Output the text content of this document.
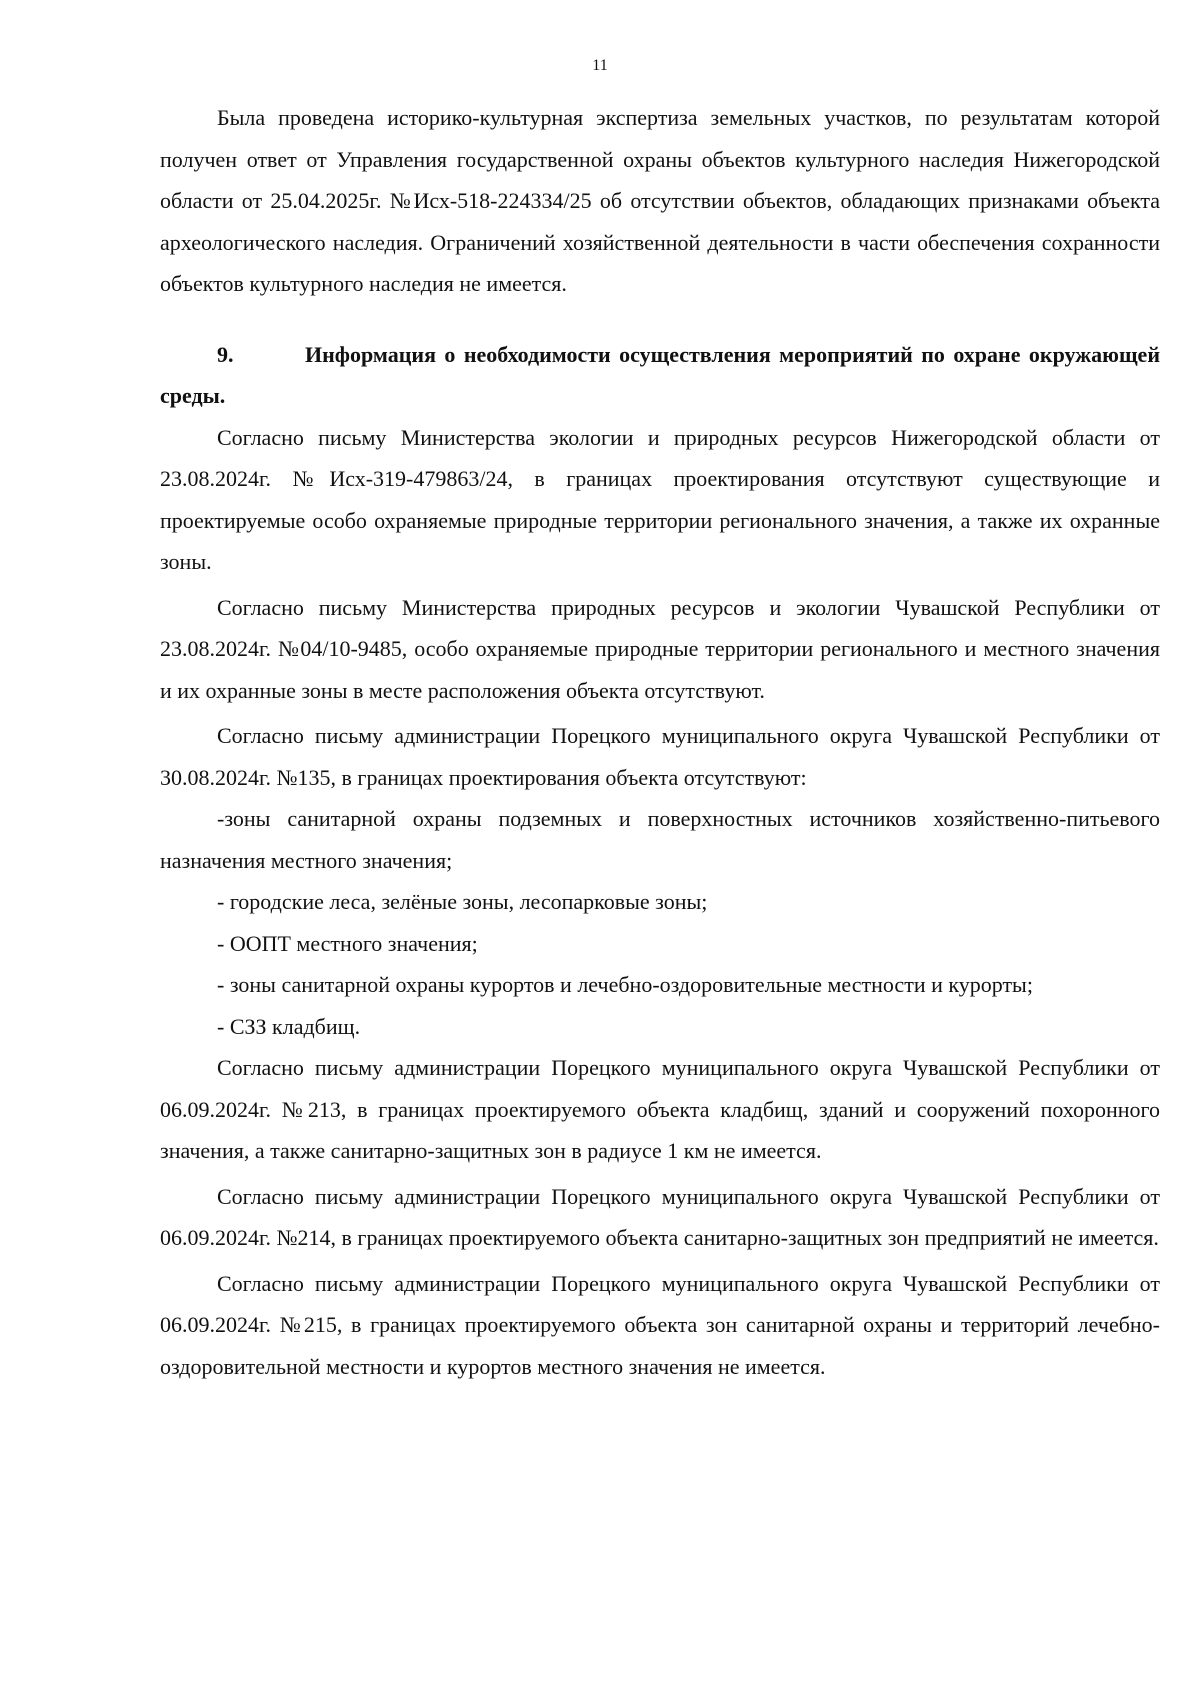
11

Была проведена историко-культурная экспертиза земельных участков, по результатам которой получен ответ от Управления государственной охраны объектов культурного наследия Нижегородской области от 25.04.2025г. №Исх-518-224334/25 об отсутствии объектов, обладающих признаками объекта археологического наследия. Ограничений хозяйственной деятельности в части обеспечения сохранности объектов культурного наследия не имеется.

9.	Информация о необходимости осуществления мероприятий по охране окружающей среды.

Согласно письму Министерства экологии и природных ресурсов Нижегородской области от 23.08.2024г. №Исх-319-479863/24, в границах проектирования отсутствуют существующие и проектируемые особо охраняемые природные территории регионального значения, а также их охранные зоны.

Согласно письму Министерства природных ресурсов и экологии Чувашской Республики от 23.08.2024г. №04/10-9485, особо охраняемые природные территории регионального и местного значения и их охранные зоны в месте расположения объекта отсутствуют.

Согласно письму администрации Порецкого муниципального округа Чувашской Республики от 30.08.2024г. №135, в границах проектирования объекта отсутствуют:

-зоны санитарной охраны подземных и поверхностных источников хозяйственно-питьевого назначения местного значения;

- городские леса, зелёные зоны, лесопарковые зоны;

- ООПТ местного значения;

- зоны санитарной охраны курортов и лечебно-оздоровительные местности и курорты;

- СЗЗ кладбищ.

Согласно письму администрации Порецкого муниципального округа Чувашской Республики от 06.09.2024г. №213, в границах проектируемого объекта кладбищ, зданий и сооружений похоронного значения, а также санитарно-защитных зон в радиусе 1 км не имеется.

Согласно письму администрации Порецкого муниципального округа Чувашской Республики от 06.09.2024г. №214, в границах проектируемого объекта санитарно-защитных зон предприятий не имеется.

Согласно письму администрации Порецкого муниципального округа Чувашской Республики от 06.09.2024г. №215, в границах проектируемого объекта зон санитарной охраны и территорий лечебно-оздоровительной местности и курортов местного значения не имеется.
